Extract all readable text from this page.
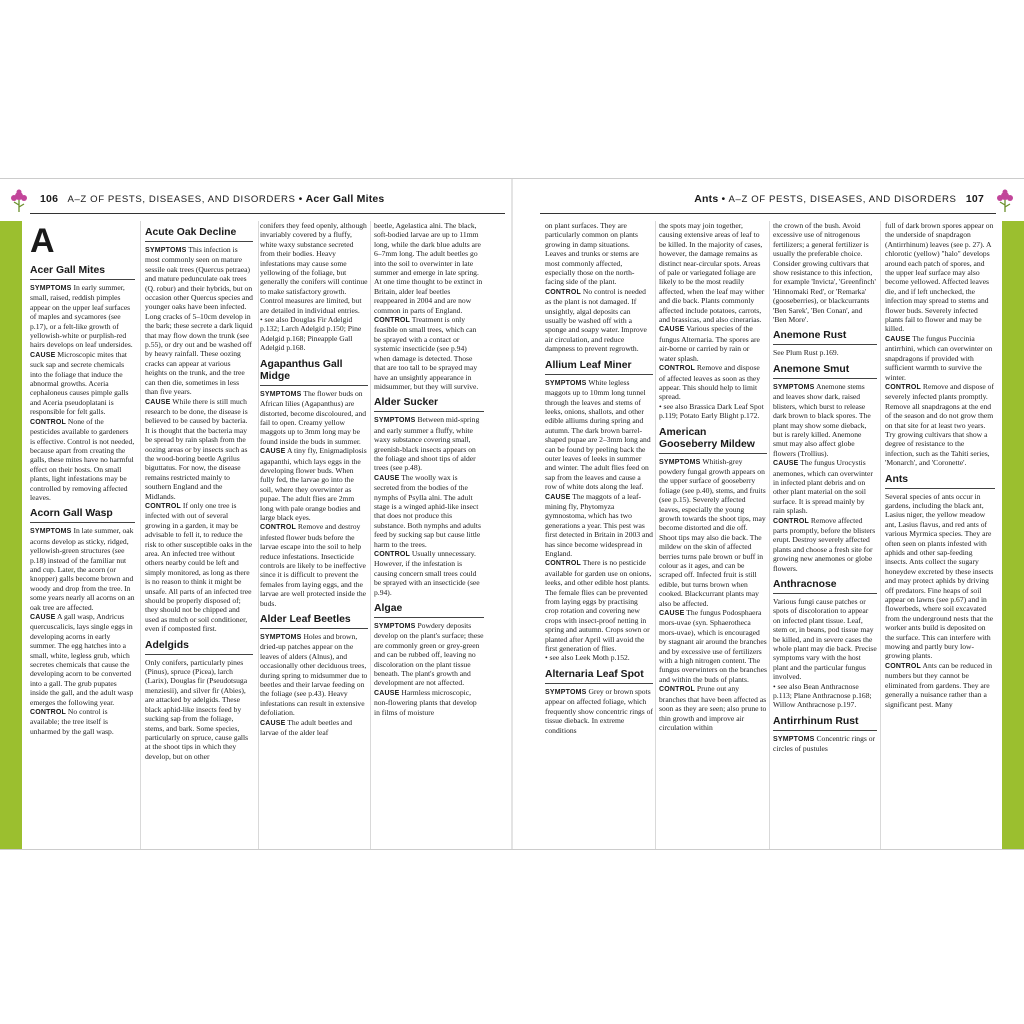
106 A–Z OF PESTS, DISEASES, AND DISORDERS • Acer Gall Mites	Ants • A–Z OF PESTS, DISEASES, AND DISORDERS 107
A
Acer Gall Mites

SYMPTOMS In early summer, small, raised, reddish pimples appear on the upper leaf surfaces of maples and sycamores (see p.17), or a felt-like growth of yellowish-white or purplish-red hairs develops on leaf undersides.

CAUSE Microscopic mites that suck sap and secrete chemicals into the foliage that induce the abnormal growths. Aceria cephaloneus causes pimple galls and Aceria pseudoplatani is responsible for felt galls.

CONTROL None of the pesticides available to gardeners is effective. Control is not needed, because apart from creating the galls, these mites have no harmful effect on their hosts. On small plants, light infestations may be controlled by removing affected leaves.

Acorn Gall Wasp

SYMPTOMS In late summer, oak acorns develop as sticky, ridged, yellowish-green structures (see p.18) instead of the familiar nut and cup. Later, the acorn (or knopper) galls become brown and woody and drop from the tree. In some years nearly all acorns on an oak tree are affected.

CAUSE A gall wasp, Andricus quercuscalicis, lays single eggs in developing acorns in early summer. The egg hatches into a small, white, legless grub, which secretes chemicals that cause the developing acorn to be converted into a gall. The grub pupates inside the gall, and the adult wasp emerges the following year.

CONTROL No control is available; the tree itself is unharmed by the gall wasp.

Acute Oak Decline

SYMPTOMS This infection is most commonly seen on mature sessile oak trees (Quercus petraea) and mature pedunculate oak trees (Q. robur) and their hybrids, but on occasion other Quercus species and younger oaks have been infected. Long cracks of 5–10cm develop in the bark; these secrete a dark liquid that may flow down the trunk (see p.55), or dry out and be washed off by heavy rainfall. These oozing cracks can appear at various heights on the trunk, and the tree can then die, sometimes in less than five years.

CAUSE While there is still much research to be done, the disease is believed to be caused by bacteria. It is thought that the bacteria may be spread by rain splash from the oozing areas or by insects such as the wood-boring beetle Agrilus biguttatus. For now, the disease remains restricted mainly to southern England and the Midlands.

CONTROL If only one tree is infected with out of several growing in a garden, it may be advisable to fell it, to reduce the risk to other susceptible oaks in the area. An infected tree without others nearby could be left and simply monitored, as long as there is no reason to think it might be unsafe. All parts of an infected tree should be properly disposed of; they should not be chipped and used as mulch or soil conditioner, even if composted first.

Adelgids

Only conifers, particularly pines (Pinus), spruce (Picea), larch (Larix), Douglas fir (Pseudotsuga menziesii), and silver fir (Abies), are attacked by adelgids. These black aphid-like insects feed by sucking sap from the foliage, stems, and bark. Some species, particularly on spruce, cause galls at the shoot tips in which they develop, but on other

conifers they feed openly, although invariably covered by a fluffy, white waxy substance secreted from their bodies. Heavy infestations may cause some yellowing of the foliage, but generally the conifers will continue to make satisfactory growth. Control measures are limited, but are detailed in individual entries.

• see also Douglas Fir Adelgid p.132; Larch Adelgid p.150; Pine Adelgid p.168; Pineapple Gall Adelgid p.168.

Agapanthus Gall Midge

SYMPTOMS The flower buds on African lilies (Agapanthus) are distorted, become discoloured, and fail to open. Creamy yellow maggots up to 3mm long may be found inside the buds in summer.

CAUSE A tiny fly, Enigmadiplosis agapanthi, which lays eggs in the developing flower buds. When fully fed, the larvae go into the soil, where they overwinter as pupae. The adult flies are 2mm long with pale orange bodies and large black eyes.

CONTROL Remove and destroy infested flower buds before the larvae escape into the soil to help reduce infestations. Insecticide controls are likely to be ineffective since it is difficult to prevent the females from laying eggs, and the larvae are well protected inside the buds.

Alder Leaf Beetles

SYMPTOMS Holes and brown, dried-up patches appear on the leaves of alders (Alnus), and occasionally other deciduous trees, during spring to midsummer due to beetles and their larvae feeding on the foliage (see p.43). Heavy infestations can result in extensive defoliation.

CAUSE The adult beetles and larvae of the alder leaf

beetle, Agelastica alni. The black, soft-bodied larvae are up to 11mm long, while the dark blue adults are 6–7mm long. The adult beetles go into the soil to overwinter in late summer and emerge in late spring. At one time thought to be extinct in Britain, alder leaf beetles reappeared in 2004 and are now common in parts of England.

CONTROL Treatment is only feasible on small trees, which can be sprayed with a contact or systemic insecticide (see p.94) when damage is detected. Those that are too tall to be sprayed may have an unsightly appearance in midsummer, but they will survive.

Alder Sucker

SYMPTOMS Between mid-spring and early summer a fluffy, white waxy substance covering small, greenish-black insects appears on the foliage and shoot tips of alder trees (see p.48).

CAUSE The woolly wax is secreted from the bodies of the nymphs of Psylla alni. The adult stage is a winged aphid-like insect that does not produce this substance. Both nymphs and adults feed by sucking sap but cause little harm to the trees.

CONTROL Usually unnecessary. However, if the infestation is causing concern small trees could be sprayed with an insecticide (see p.94).

Algae

SYMPTOMS Powdery deposits develop on the plant's surface; these are commonly green or grey-green and can be rubbed off, leaving no discoloration on the plant tissue beneath. The plant's growth and development are not affected.

CAUSE Harmless microscopic, non-flowering plants that develop in films of moisture

on plant surfaces. They are particularly common on plants growing in damp situations. Leaves and trunks or stems are most commonly affected, especially those on the north-facing side of the plant.

CONTROL No control is needed as the plant is not damaged. If unsightly, algal deposits can usually be washed off with a sponge and soapy water. Improve air circulation, and reduce dampness to prevent regrowth.

Allium Leaf Miner

SYMPTOMS White legless maggots up to 10mm long tunnel through the leaves and stems of leeks, onions, shallots, and other edible alliums during spring and autumn. The dark brown barrel-shaped pupae are 2–3mm long and can be found by peeling back the outer leaves of leeks in summer and winter. The adult flies feed on sap from the leaves and cause a row of white dots along the leaf.

CAUSE The maggots of a leaf-mining fly, Phytomyza gymnostoma, which has two generations a year. This pest was first detected in Britain in 2003 and has since become widespread in England.

CONTROL There is no pesticide available for garden use on onions, leeks, and other edible host plants. The female flies can be prevented from laying eggs by practising crop rotation and covering new crops with insect-proof netting in spring and autumn. Crops sown or planted after April will avoid the first generation of flies.

• see also Leek Moth p.152.

Alternaria Leaf Spot

SYMPTOMS Grey or brown spots appear on affected foliage, which frequently show concentric rings of tissue dieback. In extreme conditions

the spots may join together, causing extensive areas of leaf to be killed. In the majority of cases, however, the damage remains as distinct near-circular spots. Areas of pale or variegated foliage are likely to be the most readily affected, when the leaf may wither and die back. Plants commonly affected include potatoes, carrots, and brassicas, and also cinerarias.

CAUSE Various species of the fungus Alternaria. The spores are air-borne or carried by rain or water splash.

CONTROL Remove and dispose of affected leaves as soon as they appear. This should help to limit spread.

• see also Brassica Dark Leaf Spot p.119; Potato Early Blight p.172.

American Gooseberry Mildew

SYMPTOMS Whitish-grey powdery fungal growth appears on the upper surface of gooseberry foliage (see p.40), stems, and fruits (see p.15). Severely affected leaves, especially the young growth towards the shoot tips, may become distorted and die off. Shoot tips may also die back. The mildew on the skin of affected berries turns pale brown or buff in colour as it ages, and can be scraped off. Infected fruit is still edible, but turns brown when cooked. Blackcurrant plants may also be affected.

CAUSE The fungus Podosphaera mors-uvae (syn. Sphaerotheca mors-uvae), which is encouraged by stagnant air around the branches and by excessive use of fertilizers with a high nitrogen content. The fungus overwinters on the branches and within the buds of plants.

CONTROL Prune out any branches that have been affected as soon as they are seen; also prune to thin growth and improve air circulation within

the crown of the bush. Avoid excessive use of nitrogenous fertilizers; a general fertilizer is usually the preferable choice. Consider growing cultivars that show resistance to this infection, for example 'Invicta', 'Greenfinch' 'Hinnomaki Red', or 'Remarka' (gooseberries), or blackcurrants 'Ben Sarek', 'Ben Conan', and 'Ben More'.

Anemone Rust

See Plum Rust p.169.

Anemone Smut

SYMPTOMS Anemone stems and leaves show dark, raised blisters, which burst to release dark brown to black spores. The plant may show some dieback, but is rarely killed. Anemone smut may also affect globe flowers (Trollius).

CAUSE The fungus Urocystis anemones, which can overwinter in infected plant debris and on other plant material on the soil surface. It is spread mainly by rain splash.

CONTROL Remove affected parts promptly, before the blisters erupt. Destroy severely affected plants and choose a fresh site for growing new anemones or globe flowers.

Anthracnose

Various fungi cause patches or spots of discoloration to appear on infected plant tissue. Leaf, stem or, in beans, pod tissue may be killed, and in severe cases the whole plant may die back. Precise symptoms vary with the host plant and the particular fungus involved.

• see also Bean Anthracnose p.113; Plane Anthracnose p.168; Willow Anthracnose p.197.

Antirrhinum Rust

SYMPTOMS Concentric rings or circles of pustules

full of dark brown spores appear on the underside of snapdragon (Antirrhinum) leaves (see p. 27). A chlorotic (yellow) "halo" develops around each patch of spores, and the upper leaf surface may also become yellowed. Affected leaves die, and if left unchecked, the infection may spread to stems and flower buds. Severely infected plants fail to flower and may be killed.

CAUSE The fungus Puccinia antirrhini, which can overwinter on snapdragons if provided with sufficient warmth to survive the winter.

CONTROL Remove and dispose of severely infected plants promptly. Remove all snapdragons at the end of the season and do not grow them on that site for at least two years. Try growing cultivars that show a degree of resistance to the infection, such as the Tahiti series, 'Monarch', and 'Coronette'.

Ants

Several species of ants occur in gardens, including the black ant, Lasius niger, the yellow meadow ant, Lasius flavus, and red ants of various Myrmica species. They are often seen on plants infested with aphids and other sap-feeding insects. Ants collect the sugary honeydew excreted by these insects and may protect aphids by driving off predators. Fine heaps of soil appear on lawns (see p.67) and in flowerbeds, where soil excavated from the underground nests that the worker ants build is deposited on the surface. This can interfere with mowing and partly bury low-growing plants.

CONTROL Ants can be reduced in numbers but they cannot be eliminated from gardens. They are generally a nuisance rather than a significant pest. Many
